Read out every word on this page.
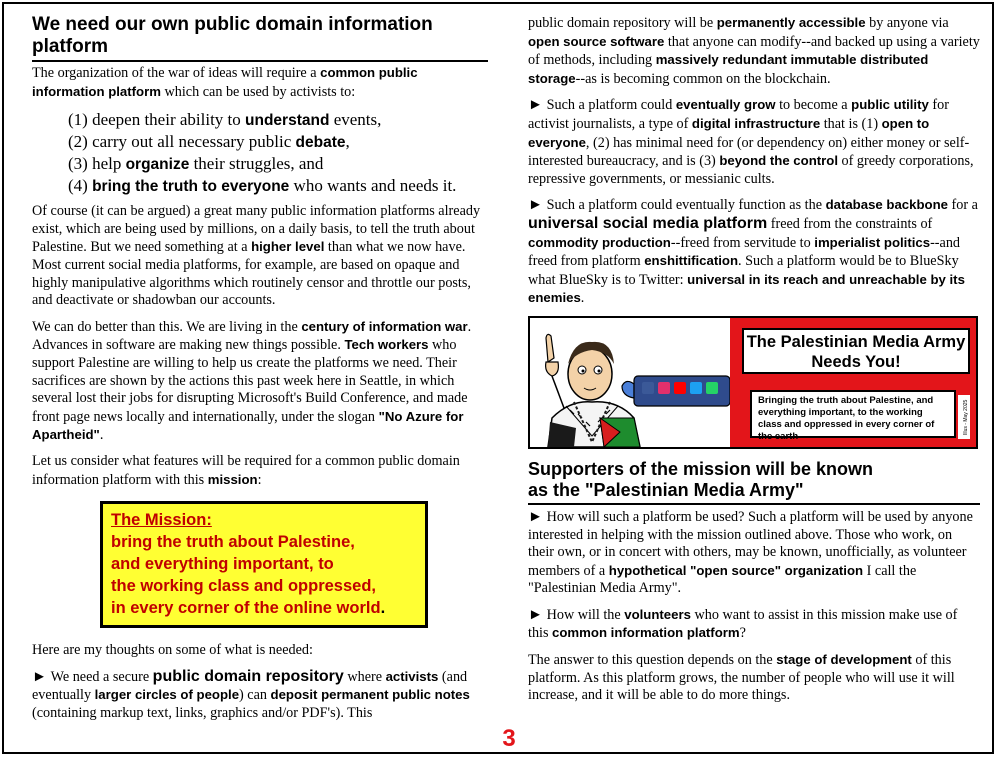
We need our own public domain information platform

The organization of the war of ideas will require a common public information platform which can be used by activists to:

(1) deepen their ability to understand events,
(2) carry out all necessary public debate,
(3) help organize their struggles, and
(4) bring the truth to everyone who wants and needs it.

Of course (it can be argued) a great many public information platforms already exist, which are being used by millions, on a daily basis, to tell the truth about Palestine. But we need something at a higher level than what we now have. Most current social media platforms, for example, are based on opaque and highly manipulative algorithms which routinely censor and throttle our posts, and deactivate or shadowban our accounts.

We can do better than this. We are living in the century of information war. Advances in software are making new things possible. Tech workers who support Palestine are willing to help us create the platforms we need. Their sacrifices are shown by the actions this past week here in Seattle, in which several lost their jobs for disrupting Microsoft's Build Conference, and made front page news locally and internationally, under the slogan "No Azure for Apartheid".

Let us consider what features will be required for a common public domain information platform with this mission:

The Mission:
bring the truth about Palestine,
and everything important, to
the working class and oppressed,
in every corner of the online world.

Here are my thoughts on some of what is needed:

► We need a secure public domain repository where activists (and eventually larger circles of people) can deposit permanent public notes (containing markup text, links, graphics and/or PDF's). This

public domain repository will be permanently accessible by anyone via open source software that anyone can modify--and backed up using a variety of methods, including massively redundant immutable distributed storage--as is becoming common on the blockchain.

► Such a platform could eventually grow to become a public utility for activist journalists, a type of digital infrastructure that is (1) open to everyone, (2) has minimal need for (or dependency on) either money or self-interested bureaucracy, and is (3) beyond the control of greedy corporations, repressive governments, or messianic cults.

► Such a platform could eventually function as the database backbone for a universal social media platform freed from the constraints of commodity production--freed from servitude to imperialist politics--and freed from platform enshittification. Such a platform would be to BlueSky what BlueSky is to Twitter: universal in its reach and unreachable by its enemies.

The Palestinian Media Army Needs You!
Bringing the truth about Palestine, and everything important, to the working class and oppressed in every corner of the earth
Illus - May 2025
Supporters of the mission will be known
as the "Palestinian Media Army"

► How will such a platform be used? Such a platform will be used by anyone interested in helping with the mission outlined above. Those who work, on their own, or in concert with others, may be known, unofficially, as volunteer members of a hypothetical "open source" organization I call the "Palestinian Media Army".

► How will the volunteers who want to assist in this mission make use of this common information platform?

The answer to this question depends on the stage of development of this platform. As this platform grows, the number of people who will use it will increase, and it will be able to do more things.

3
